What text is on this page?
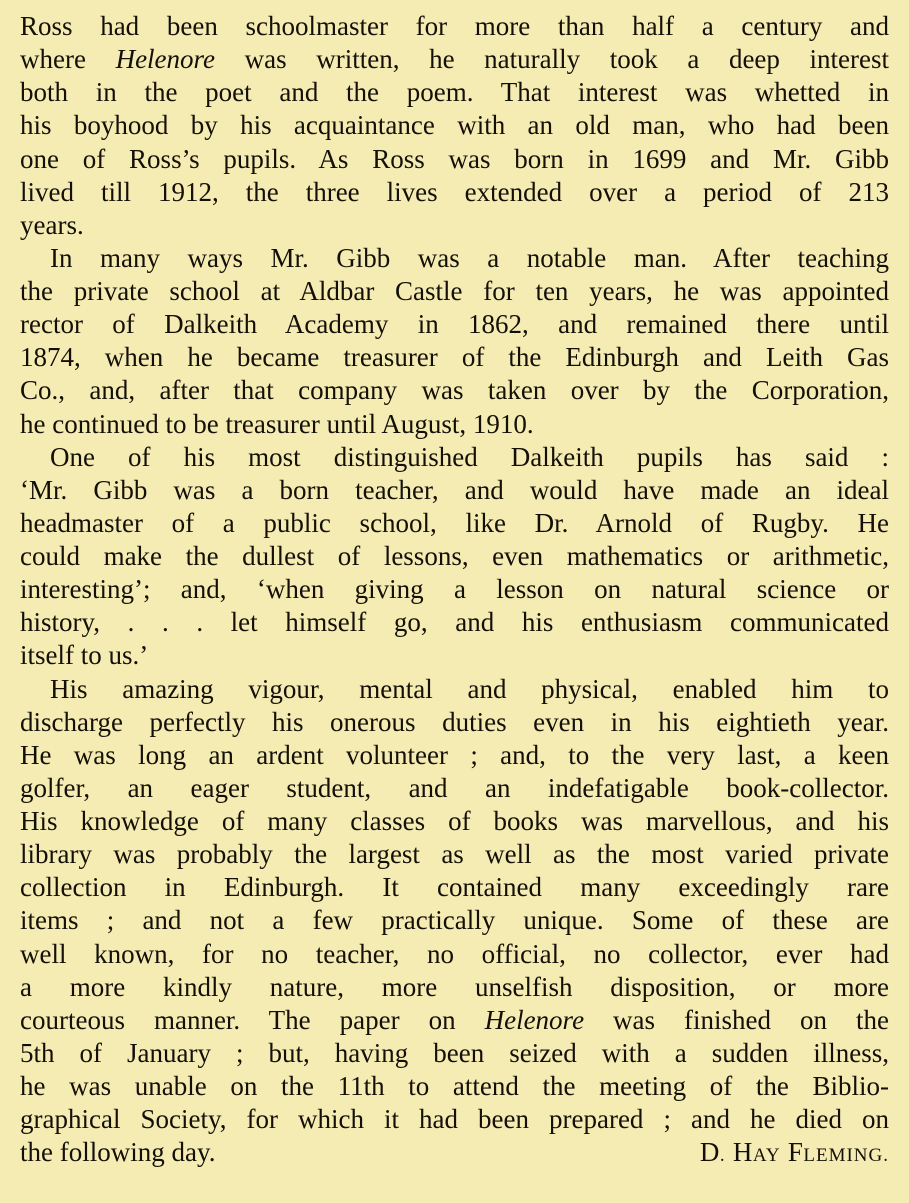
Ross had been schoolmaster for more than half a century and
where Helenore was written, he naturally took a deep interest
both in the poet and the poem. That interest was whetted in
his boyhood by his acquaintance with an old man, who had been
one of Ross’s pupils. As Ross was born in 1699 and Mr. Gibb
lived till 1912, the three lives extended over a period of 213
years.
In many ways Mr. Gibb was a notable man. After teaching
the private school at Aldbar Castle for ten years, he was appointed
rector of Dalkeith Academy in 1862, and remained there until
1874, when he became treasurer of the Edinburgh and Leith Gas
Co., and, after that company was taken over by the Corporation,
he continued to be treasurer until August, 1910.
One of his most distinguished Dalkeith pupils has said :
‘Mr. Gibb was a born teacher, and would have made an ideal
headmaster of a public school, like Dr. Arnold of Rugby. He
could make the dullest of lessons, even mathematics or arithmetic,
interesting’; and, ‘when giving a lesson on natural science or
history, . . . let himself go, and his enthusiasm communicated
itself to us.’
His amazing vigour, mental and physical, enabled him to
discharge perfectly his onerous duties even in his eightieth year.
He was long an ardent volunteer ; and, to the very last, a keen
golfer, an eager student, and an indefatigable book-collector.
His knowledge of many classes of books was marvellous, and his
library was probably the largest as well as the most varied private
collection in Edinburgh. It contained many exceedingly rare
items ; and not a few practically unique. Some of these are
well known, for no teacher, no official, no collector, ever had
a more kindly nature, more unselfish disposition, or more
courteous manner. The paper on Helenore was finished on the
5th of January ; but, having been seized with a sudden illness,
he was unable on the 11th to attend the meeting of the Biblio-
graphical Society, for which it had been prepared ; and he died on
the following day.	D. HAY FLEMING.
